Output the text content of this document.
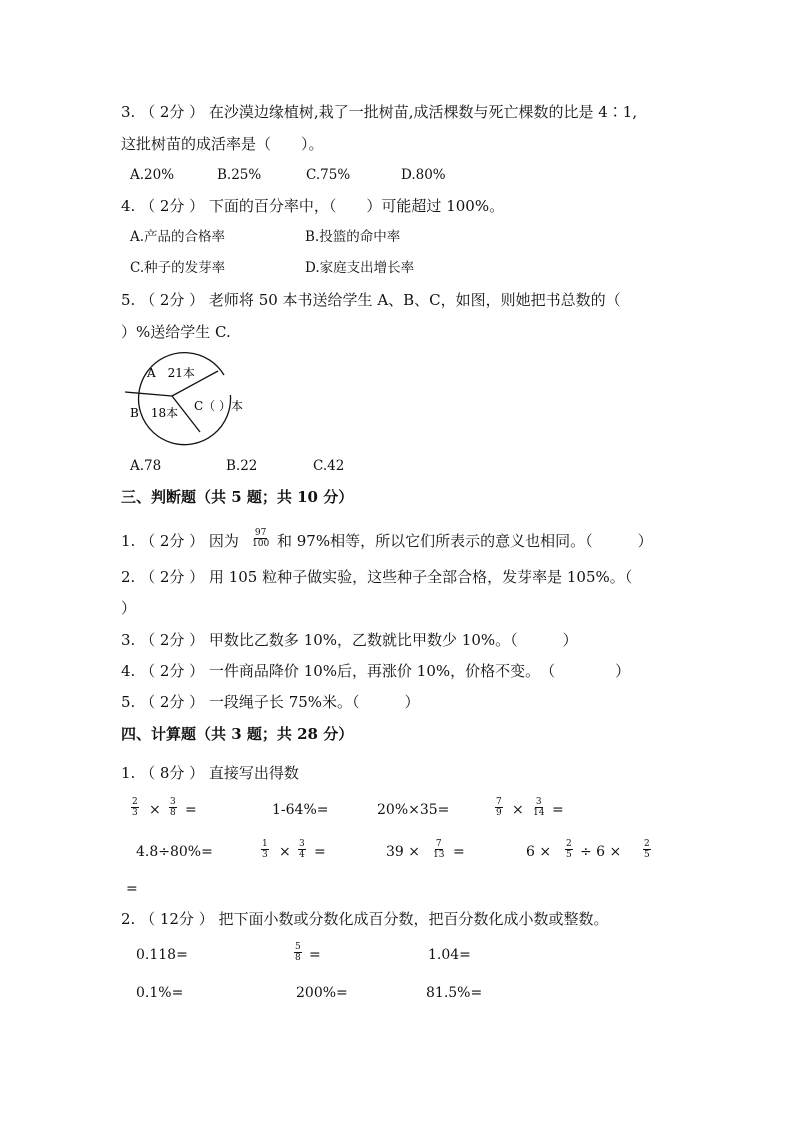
3. （ 2分 ） 在沙漠边缘植树,栽了一批树苗,成活棵数与死亡棵数的比是 4∶1,
这批树苗的成活率是（　　）。
A.20%	B.25%	C.75%	D.80%
4. （ 2分 ） 下面的百分率中，（　　）可能超过 100%。
A.产品的合格率	B.投篮的命中率
C.种子的发芽率	D.家庭支出增长率
5. （ 2分 ） 老师将 50 本书送给学生 A、B、C，如图，则她把书总数的（
）%送给学生 C.
A　21本
B　18本 C（ ）本
A.78	B.22	C.42
三、判断题（共 5 题；共 10 分）
1. （ 2分 ） 因为 $\frac{97}{100}$ 和 97%相等，所以它们所表示的意义也相同。（　　　）
2. （ 2分 ） 用 105 粒种子做实验，这些种子全部合格，发芽率是 105%。（
）
3. （ 2分 ） 甲数比乙数多 10%，乙数就比甲数少 10%。（　　　）
4. （ 2分 ） 一件商品降价 10%后，再涨价 10%，价格不变。　（　　　　）
5. （ 2分 ） 一段绳子长 75%米。（　　　）
四、计算题（共 3 题；共 28 分）
1. （ 8分 ） 直接写出得数
$\frac{2}{3} \times \frac{3}{8}$ =	1-64%=	20%×35=	$\frac{7}{9} \times \frac{3}{14}$ =
4.8÷80%=	$\frac{1}{3} \times \frac{3}{4}$ =	$39 \times \frac{7}{13}$ =	$6 \times \frac{2}{5} \div 6 \times \frac{2}{5}$
=
2. （ 12分 ） 把下面小数或分数化成百分数，把百分数化成小数或整数。
0.118=	$\frac{5}{8}$ =	1.04=
0.1%=	200%=	81.5%=
